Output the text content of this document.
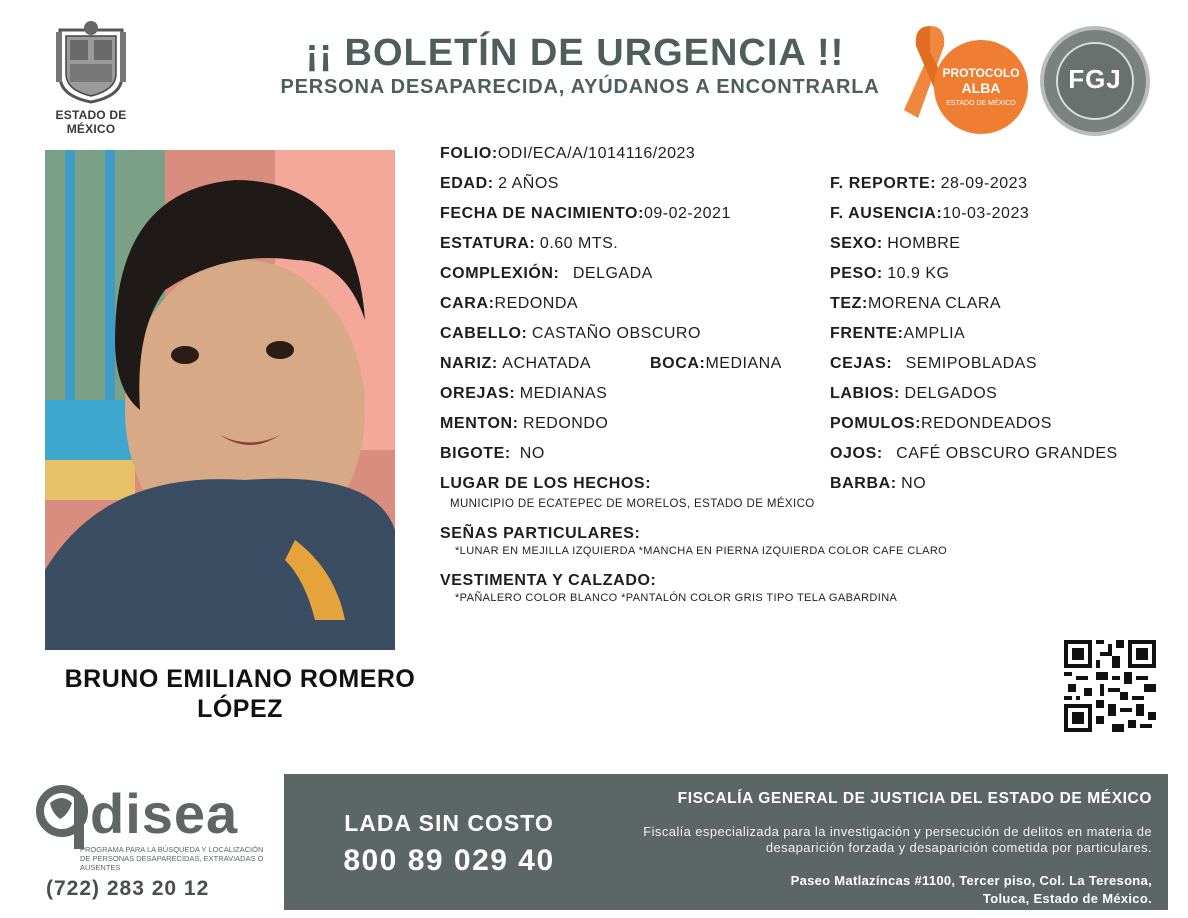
ESTADO DE MÉXICO
¡¡ BOLETÍN DE URGENCIA !!
PERSONA DESAPARECIDA, AYÚDANOS A ENCONTRARLA
PROTOCOLO
ALBA
ESTADO DE MÉXICO
FGJ
BRUNO EMILIANO ROMERO
LÓPEZ
FOLIO:ODI/ECA/A/1014116/2023
EDAD: 2 AÑOS	F. REPORTE: 28-09-2023
FECHA DE NACIMIENTO:09-02-2021	F. AUSENCIA:10-03-2023
ESTATURA: 0.60 MTS.	SEXO: HOMBRE
COMPLEXIÓN: DELGADA	PESO: 10.9 KG
CARA:REDONDA	TEZ:MORENA CLARA
CABELLO: CASTAÑO OBSCURO	FRENTE:AMPLIA
NARIZ: ACHATADA	BOCA:MEDIANA	CEJAS: SEMIPOBLADAS
OREJAS: MEDIANAS	LABIOS: DELGADOS
MENTON: REDONDO	POMULOS:REDONDEADOS
BIGOTE: NO	OJOS: CAFÉ OBSCURO GRANDES
LUGAR DE LOS HECHOS:	BARBA: NO
MUNICIPIO DE ECATEPEC DE MORELOS, ESTADO DE MÉXICO
SEÑAS PARTICULARES:
*LUNAR EN MEJILLA IZQUIERDA *MANCHA EN PIERNA IZQUIERDA COLOR CAFE CLARO
VESTIMENTA Y CALZADO:
*PAÑALERO COLOR BLANCO *PANTALÓN COLOR GRIS TIPO TELA GABARDINA
disea
PROGRAMA PARA LA BÚSQUEDA Y LOCALIZACIÓN DE PERSONAS DESAPARECIDAS, EXTRAVIADAS O AUSENTES
(722) 283 20 12
LADA SIN COSTO
800 89 029 40
FISCALÍA GENERAL DE JUSTICIA DEL ESTADO DE MÉXICO
Fiscalía especializada para la investigación y persecución de delitos en materia de desaparición forzada y desaparición cometida por particulares.
Paseo Matlazíncas #1100, Tercer piso, Col. La Teresona,
Toluca, Estado de México.
